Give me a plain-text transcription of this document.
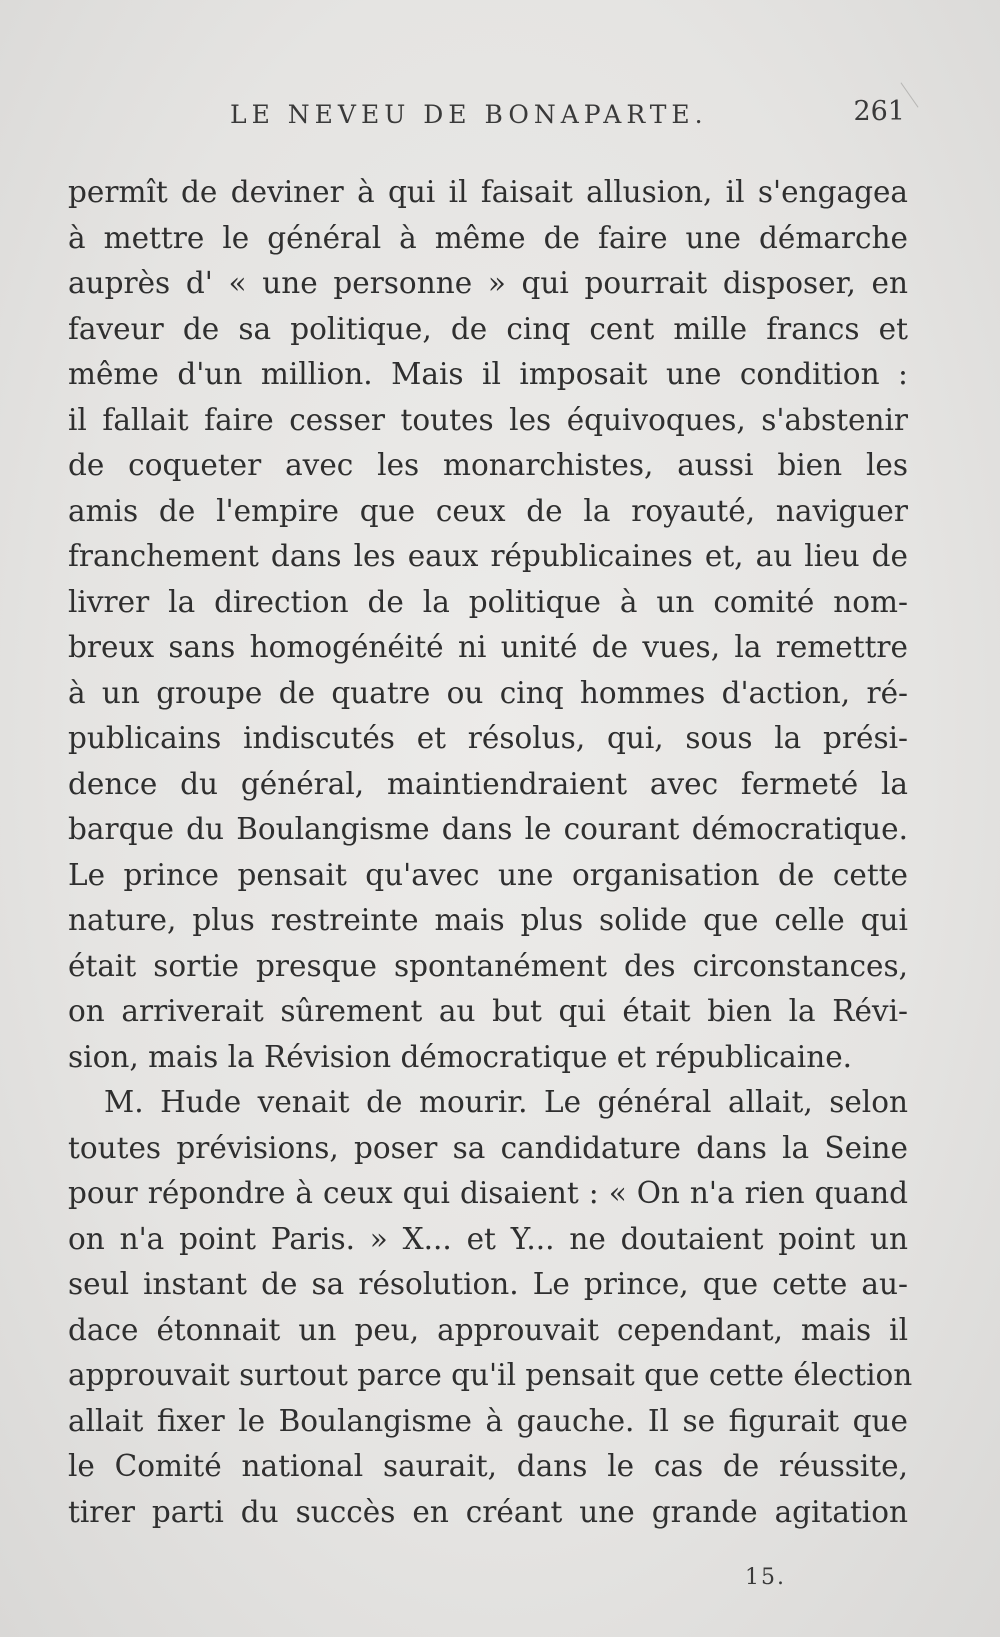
LE NEVEU DE BONAPARTE.	261
permît de deviner à qui il faisait allusion, il s'engagea
à mettre le général à même de faire une démarche
auprès d' « une personne » qui pourrait disposer, en
faveur de sa politique, de cinq cent mille francs et
même d'un million. Mais il imposait une condition :
il fallait faire cesser toutes les équivoques, s'abstenir
de coqueter avec les monarchistes, aussi bien les
amis de l'empire que ceux de la royauté, naviguer
franchement dans les eaux républicaines et, au lieu de
livrer la direction de la politique à un comité nom-
breux sans homogénéité ni unité de vues, la remettre
à un groupe de quatre ou cinq hommes d'action, ré-
publicains indiscutés et résolus, qui, sous la prési-
dence du général, maintiendraient avec fermeté la
barque du Boulangisme dans le courant démocratique.
Le prince pensait qu'avec une organisation de cette
nature, plus restreinte mais plus solide que celle qui
était sortie presque spontanément des circonstances,
on arriverait sûrement au but qui était bien la Révi-
sion, mais la Révision démocratique et républicaine.
M. Hude venait de mourir. Le général allait, selon
toutes prévisions, poser sa candidature dans la Seine
pour répondre à ceux qui disaient : « On n'a rien quand
on n'a point Paris. » X... et Y... ne doutaient point un
seul instant de sa résolution. Le prince, que cette au-
dace étonnait un peu, approuvait cependant, mais il
approuvait surtout parce qu'il pensait que cette élection
allait fixer le Boulangisme à gauche. Il se figurait que
le Comité national saurait, dans le cas de réussite,
tirer parti du succès en créant une grande agitation
15.
